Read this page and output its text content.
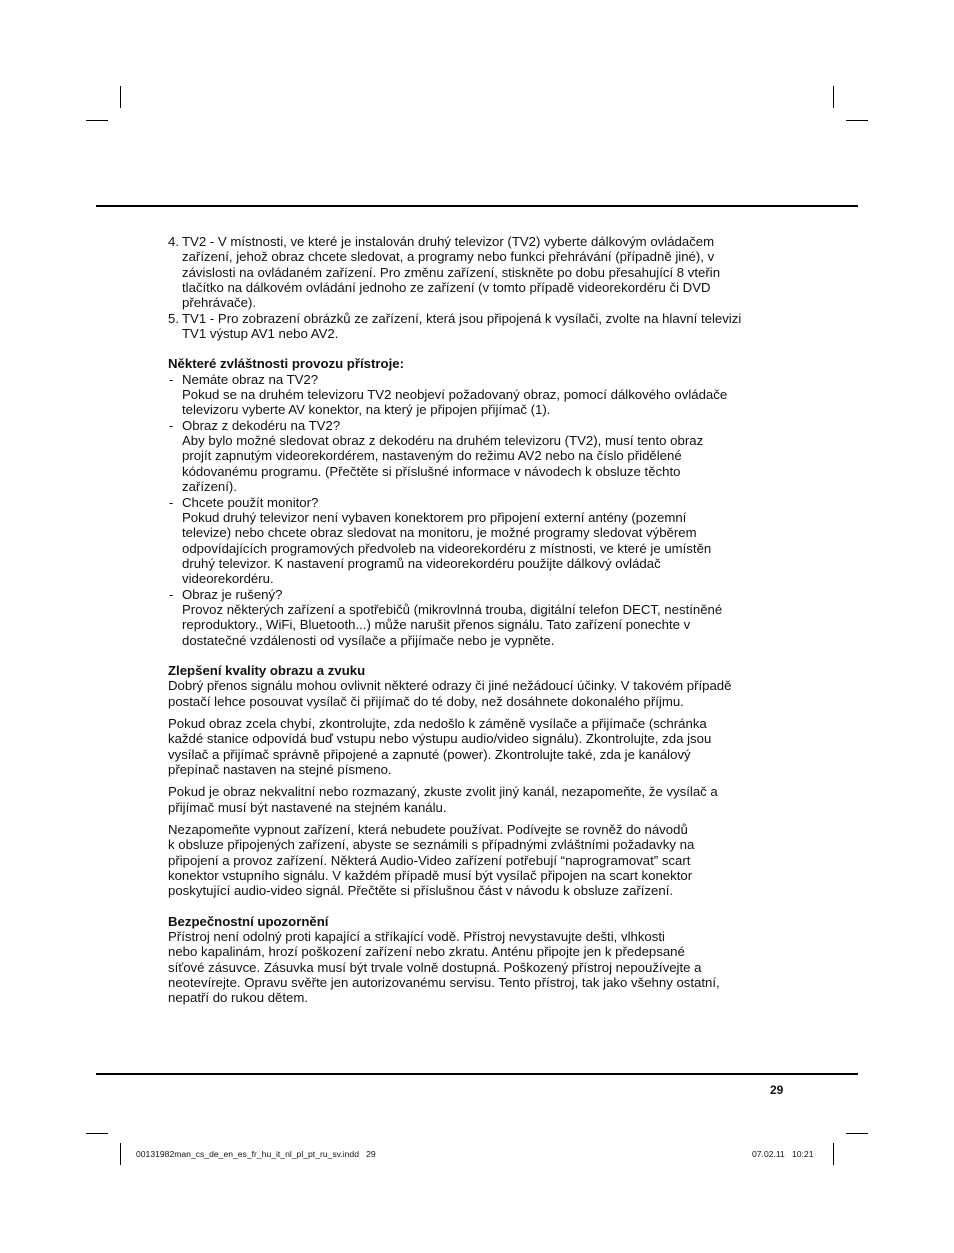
4. TV2 - V místnosti, ve které je instalován druhý televizor (TV2) vyberte dálkovým ovládačem

zařízení, jehož obraz chcete sledovat, a programy nebo funkci přehrávání (případně jiné), v

závislosti na ovládaném zařízení. Pro změnu zařízení, stiskněte po dobu přesahující 8 vteřin

tlačítko na dálkovém ovládání jednoho ze zařízení (v tomto případě videorekordéru či DVD

přehrávače).

5. TV1 - Pro zobrazení obrázků ze zařízení, která jsou připojená k vysílači, zvolte na hlavní televizi

TV1 výstup AV1 nebo AV2.

Některé zvláštnosti provozu přístroje:

- Nemáte obraz na TV2?

Pokud se na druhém televizoru TV2 neobjeví požadovaný obraz, pomocí dálkového ovládače

televizoru vyberte AV konektor, na který je připojen přijímač (1).

- Obraz z dekodéru na TV2?

Aby bylo možné sledovat obraz z dekodéru na druhém televizoru (TV2), musí tento obraz

projít zapnutým videorekordérem, nastaveným do režimu AV2 nebo na číslo přidělené

kódovanému programu. (Přečtěte si příslušné informace v návodech k obsluze těchto

zařízení).

- Chcete použít monitor?

Pokud druhý televizor není vybaven konektorem pro připojení externí antény (pozemní

televize) nebo chcete obraz sledovat na monitoru, je možné programy sledovat výběrem

odpovídajících programových předvoleb na videorekordéru z místnosti, ve které je umístěn

druhý televizor. K nastavení programů na videorekordéru použijte dálkový ovládač

videorekordéru.

- Obraz je rušený?

Provoz některých zařízení a spotřebičů (mikrovlnná trouba, digitální telefon DECT, nestíněné

reproduktory., WiFi, Bluetooth...) může narušit přenos signálu. Tato zařízení ponechte v

dostatečné vzdálenosti od vysílače a přijímače nebo je vypněte.

Zlepšení kvality obrazu a zvuku

Dobrý přenos signálu mohou ovlivnit některé odrazy či jiné nežádoucí účinky. V takovém případě

postačí lehce posouvat vysílač či přijímač do té doby, než dosáhnete dokonalého příjmu.

Pokud obraz zcela chybí, zkontrolujte, zda nedošlo k záměně vysílače a přijímače (schránka

každé stanice odpovídá buď vstupu nebo výstupu audio/video signálu). Zkontrolujte, zda jsou

vysílač a přijímač správně připojené a zapnuté (power). Zkontrolujte také, zda je kanálový

přepínač nastaven na stejné písmeno.

Pokud je obraz nekvalitní nebo rozmazaný, zkuste zvolit jiný kanál, nezapomeňte, že vysílač a

přijímač musí být nastavené na stejném kanálu.

Nezapomeňte vypnout zařízení, která nebudete používat. Podívejte se rovněž do návodů

k obsluze připojených zařízení, abyste se seznámili s případnými zvláštními požadavky na

připojení a provoz zařízení. Některá Audio-Video zařízení potřebují “naprogramovat” scart

konektor vstupního signálu. V každém případě musí být vysílač připojen na scart konektor

poskytující audio-video signál. Přečtěte si příslušnou část v návodu k obsluze zařízení.

Bezpečnostní upozornění

Přístroj není odolný proti kapající a stříkající vodě. Přístroj nevystavujte dešti, vlhkosti

nebo kapalinám, hrozí poškození zařízení nebo zkratu. Anténu připojte jen k předepsané

síťové zásuvce. Zásuvka musí být trvale volně dostupná. Poškozený přístroj nepoužívejte a

neotevírejte. Opravu svěřte jen autorizovanému servisu. Tento přístroj, tak jako všehny ostatní,

nepatří do rukou dětem.

29
00131982man_cs_de_en_es_fr_hu_it_nl_pl_pt_ru_sv.indd   29	07.02.11   10:21
